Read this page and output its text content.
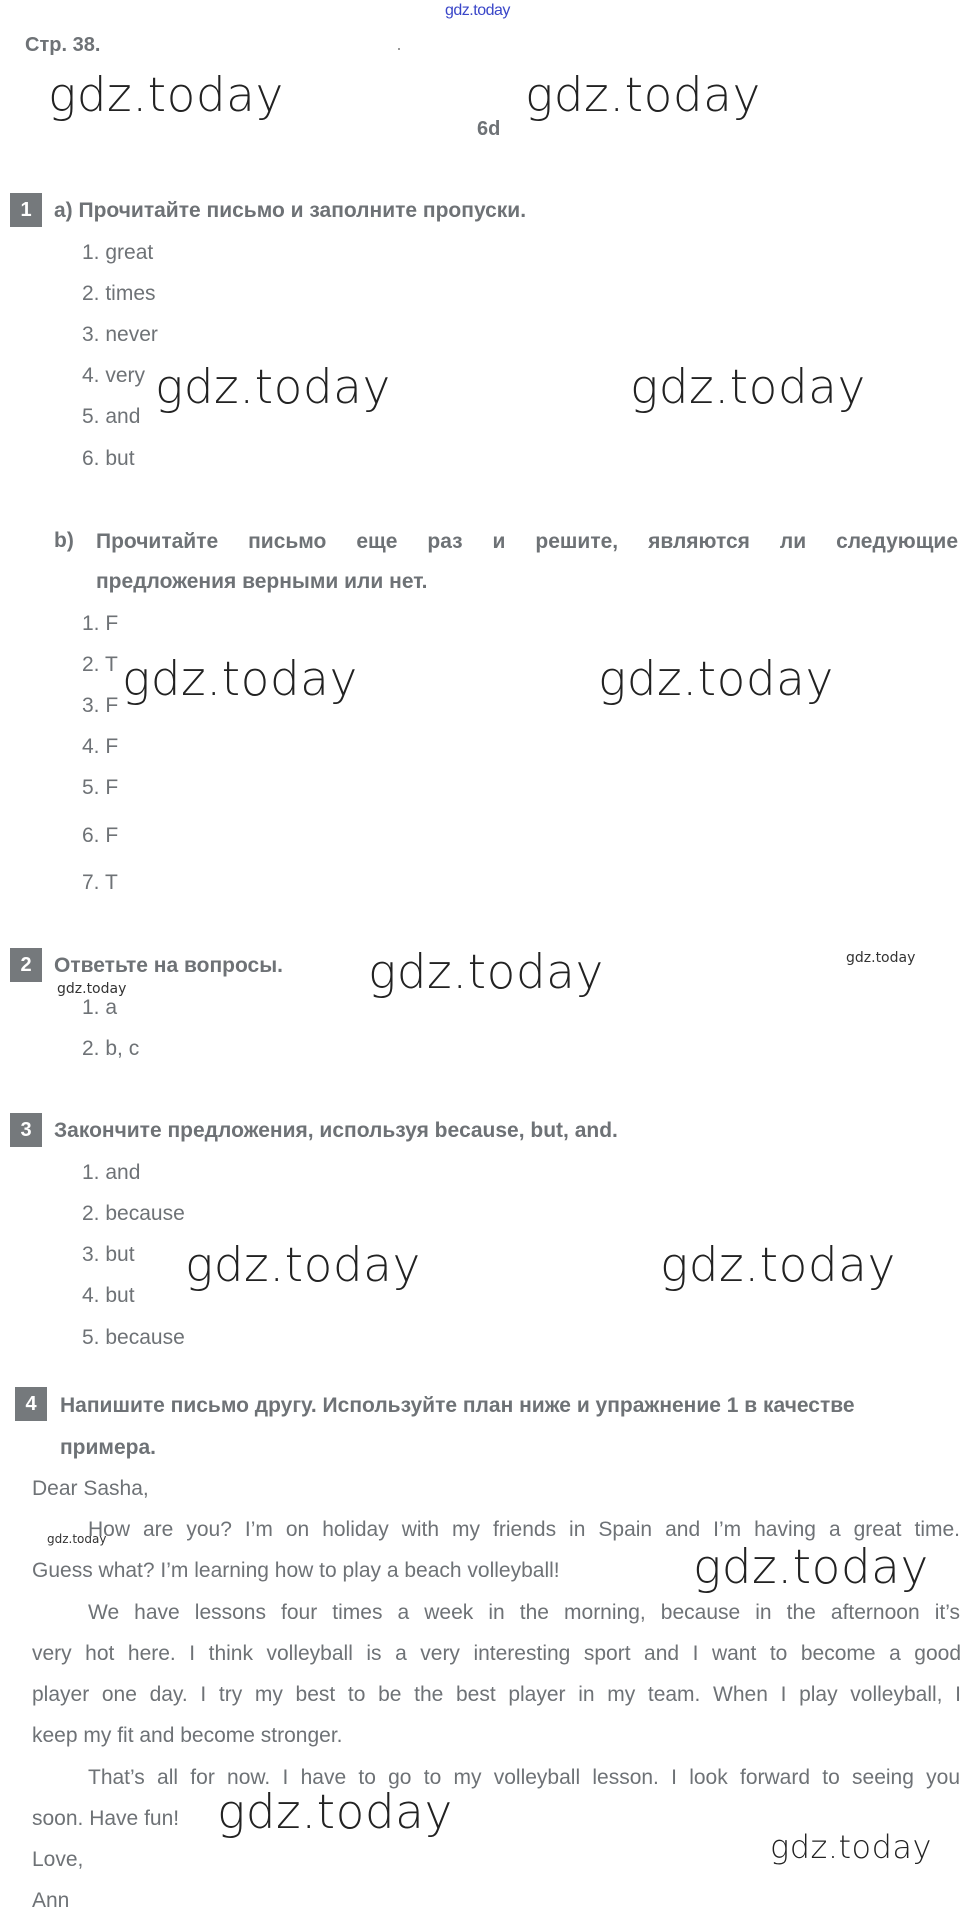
gdz.today
Стр. 38.
6d
gdz.today	gdz.today
gdz.today	gdz.today
gdz.today	gdz.today
gdz.today	gdz.today
gdz.today
gdz.today	gdz.today
gdz.today
gdz.today
gdz.today
gdz.today
1	a) Прочитайте письмо и заполните пропуски.
1. great
2. times
3. never
4. very
5. and
6. but
b) Прочитайте письмо еще раз и решите, являются ли следующие
предложения верными или нет.
1. F
2. T
3. F
4. F
5. F
6. F
7. T
2	Ответьте на вопросы.
1. a
2. b, c
3	Закончите предложения, используя because, but, and.
1. and
2. because
3. but
4. but
5. because
4	Напишите письмо другу. Используйте план ниже и упражнение 1 в качестве
примера.
Dear Sasha,
How are you? I’m on holiday with my friends in Spain and I’m having a great time.
Guess what? I’m learning how to play a beach volleyball!
We have lessons four times a week in the morning, because in the afternoon it’s
very hot here. I think volleyball is a very interesting sport and I want to become a good
player one day. I try my best to be the best player in my team. When I play volleyball, I
keep my fit and become stronger.
That’s all for now. I have to go to my volleyball lesson. I look forward to seeing you
soon. Have fun!
Love,
Ann
